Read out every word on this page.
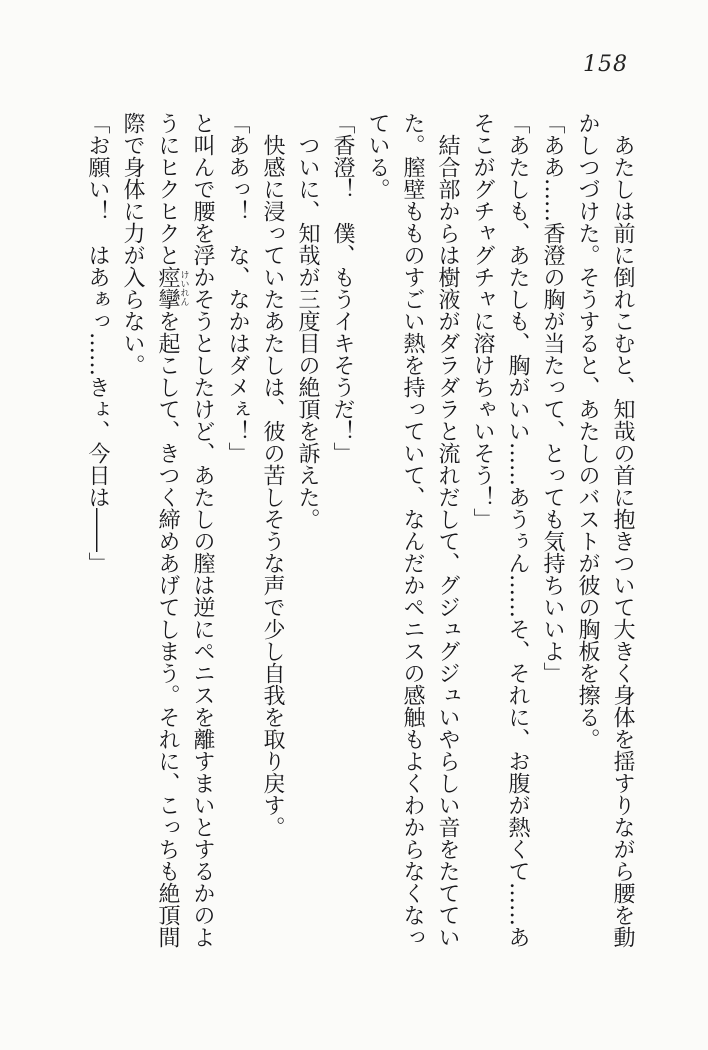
158

あたしは前に倒れこむと、知哉の首に抱きついて大きく身体を揺すりながら腰を動かしつづけた。そうすると、あたしのバストが彼の胸板を擦る。

「ああ……香澄の胸が当たって、とっても気持ちいいよ」

「あたしも、あたしも、胸がいい……あうぅん……そ、それに、お腹が熱くて……あそこがグチャグチャに溶けちゃいそう！」

結合部からは樹液がダラダラと流れだして、グジュグジュいやらしい音をたてていた。膣壁もものすごい熱を持っていて、なんだかペニスの感触もよくわからなくなっている。

「香澄！　僕、もうイキそうだ！」

ついに、知哉が三度目の絶頂を訴えた。

快感に浸っていたあたしは、彼の苦しそうな声で少し自我を取り戻す。

「ああっ！　な、なかはダメぇ！」

と叫んで腰を浮かそうとしたけど、あたしの膣は逆にペニスを離すまいとするかのようにヒクヒクと痙攣けいれんを起こして、きつく締めあげてしまう。それに、こっちも絶頂間際で身体に力が入らない。

「お願い！　はあぁっ……きょ、今日は――」
